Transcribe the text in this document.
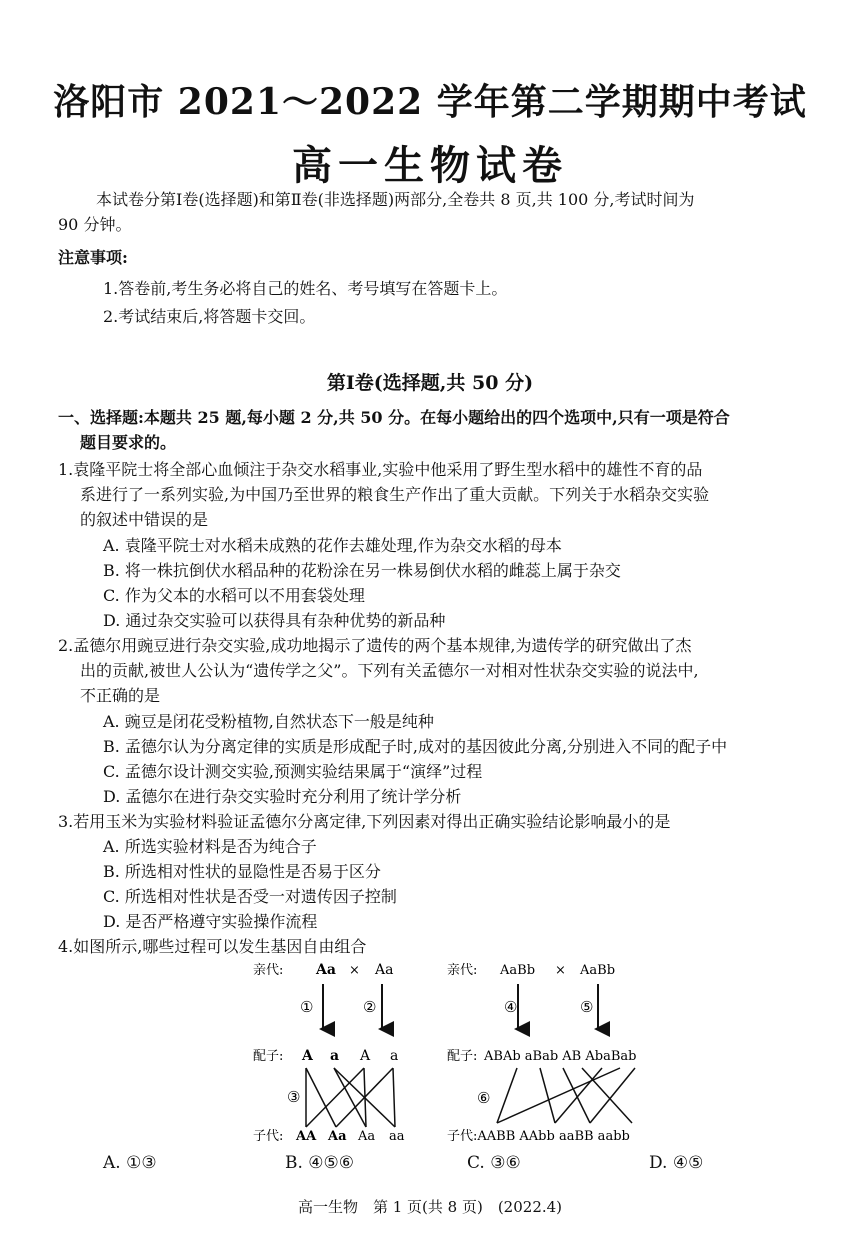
洛阳市 2021～2022 学年第二学期期中考试
高一生物试卷
本试卷分第Ⅰ卷(选择题)和第Ⅱ卷(非选择题)两部分,全卷共 8 页,共 100 分,考试时间为
90 分钟。
注意事项:
1.答卷前,考生务必将自己的姓名、考号填写在答题卡上。
2.考试结束后,将答题卡交回。
第Ⅰ卷(选择题,共 50 分)
一、选择题:本题共 25 题,每小题 2 分,共 50 分。在每小题给出的四个选项中,只有一项是符合
题目要求的。
1.袁隆平院士将全部心血倾注于杂交水稻事业,实验中他采用了野生型水稻中的雄性不育的品
系进行了一系列实验,为中国乃至世界的粮食生产作出了重大贡献。下列关于水稻杂交实验
的叙述中错误的是
A. 袁隆平院士对水稻未成熟的花作去雄处理,作为杂交水稻的母本
B. 将一株抗倒伏水稻品种的花粉涂在另一株易倒伏水稻的雌蕊上属于杂交
C. 作为父本的水稻可以不用套袋处理
D. 通过杂交实验可以获得具有杂种优势的新品种
2.孟德尔用豌豆进行杂交实验,成功地揭示了遗传的两个基本规律,为遗传学的研究做出了杰
出的贡献,被世人公认为“遗传学之父”。下列有关孟德尔一对相对性状杂交实验的说法中,
不正确的是
A. 豌豆是闭花受粉植物,自然状态下一般是纯种
B. 孟德尔认为分离定律的实质是形成配子时,成对的基因彼此分离,分别进入不同的配子中
C. 孟德尔设计测交实验,预测实验结果属于“演绎”过程
D. 孟德尔在进行杂交实验时充分利用了统计学分析
3.若用玉米为实验材料验证孟德尔分离定律,下列因素对得出正确实验结论影响最小的是
A. 所选实验材料是否为纯合子
B. 所选相对性状的显隐性是否易于区分
C. 所选相对性状是否受一对遗传因子控制
D. 是否严格遵守实验操作流程
4.如图所示,哪些过程可以发生基因自由组合
亲代: Aa × Aa
①	②
配子: A a A a
③
子代: AA Aa Aa aa
亲代: AaBb × AaBb
④	⑤
配子: ABAb aBab AB AbaBab
⑥
子代:AABB AAbb aaBB aabb
A. ①③	B. ④⑤⑥	C. ③⑥	D. ④⑤
高一生物　第 1 页(共 8 页)　(2022.4)
